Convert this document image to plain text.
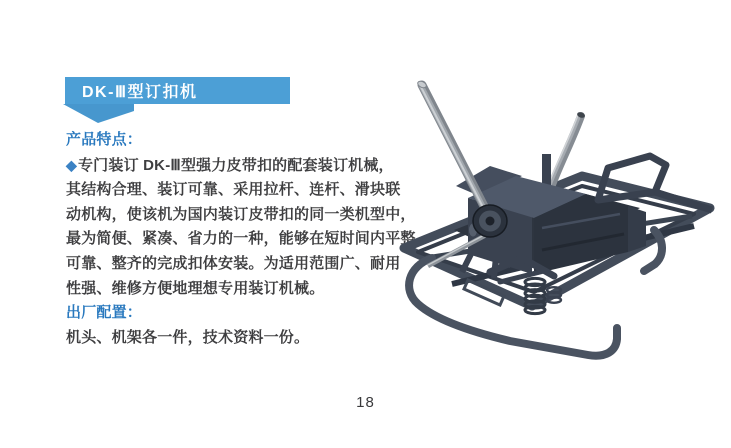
DK-Ⅲ型订扣机
产品特点：
◆专门装订 DK-Ⅲ型强力皮带扣的配套装订机械，
其结构合理、装订可靠、采用拉杆、连杆、滑块联
动机构，使该机为国内装订皮带扣的同一类机型中，
最为简便、紧凑、省力的一种，能够在短时间内平整、
可靠、整齐的完成扣体安装。为适用范围广、耐用
性强、维修方便地理想专用装订机械。
出厂配置：
机头、机架各一件，技术资料一份。
18
